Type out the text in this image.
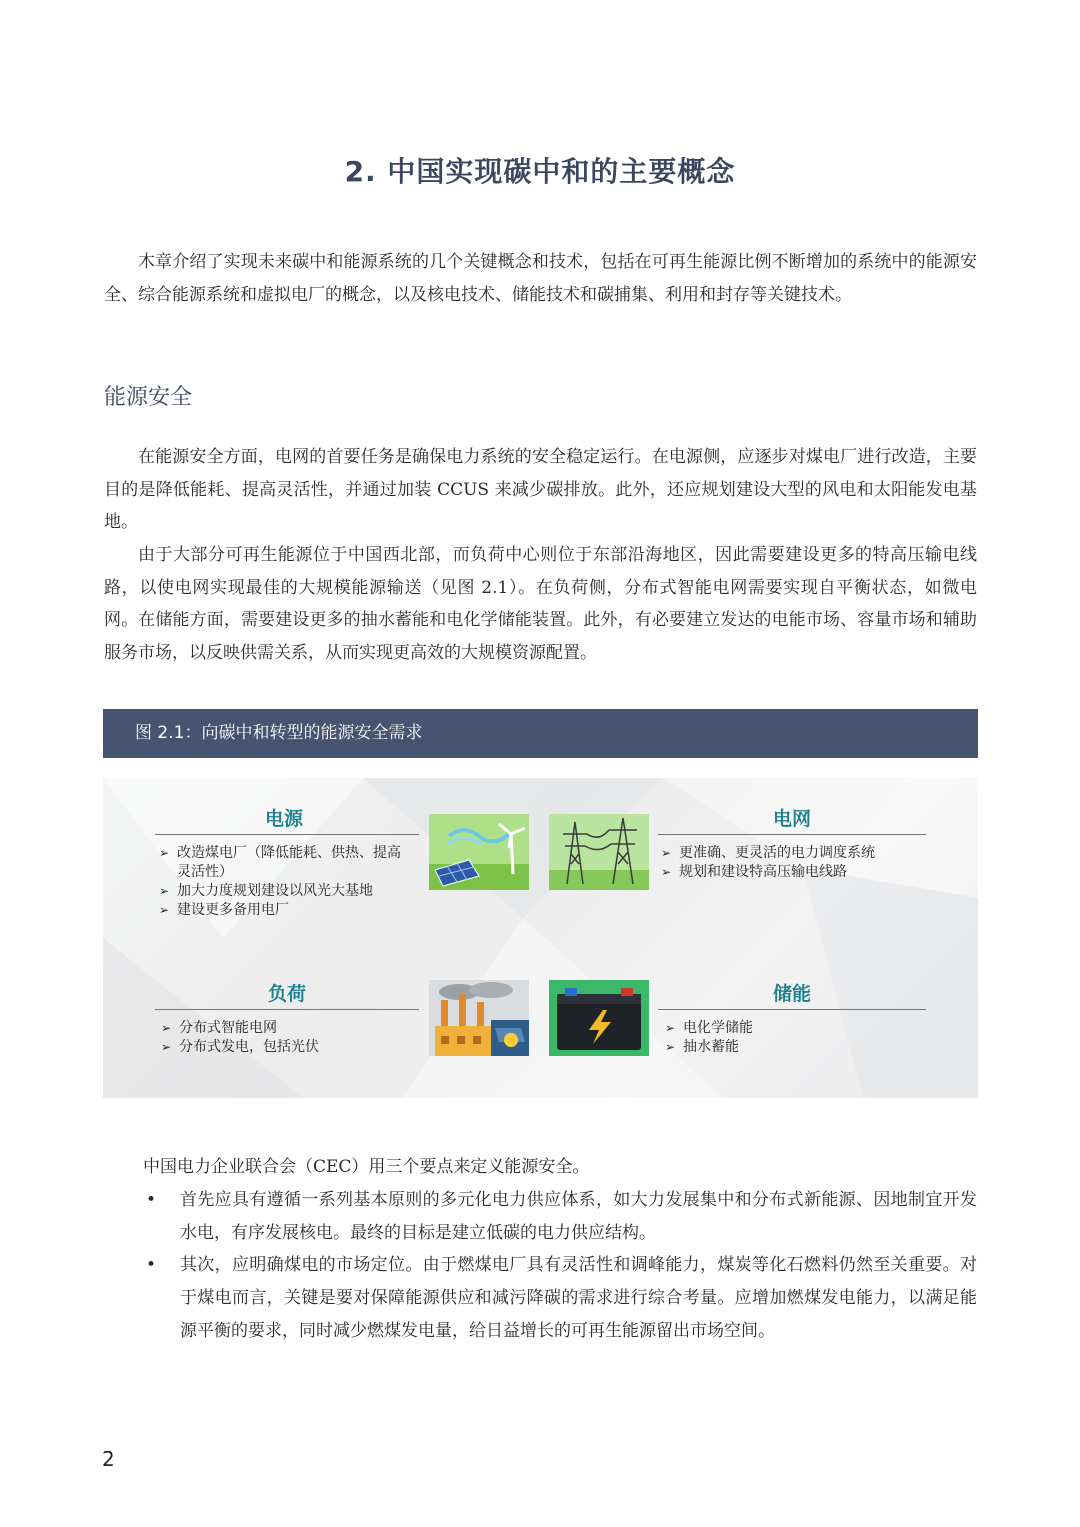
2. 中国实现碳中和的主要概念

木章介绍了实现未来碳中和能源系统的几个关键概念和技术，包括在可再生能源比例不断增加的系统中的能源安全、综合能源系统和虚拟电厂的概念，以及核电技术、储能技术和碳捕集、利用和封存等关键技术。

能源安全

在能源安全方面，电网的首要任务是确保电力系统的安全稳定运行。在电源侧，应逐步对煤电厂进行改造，主要目的是降低能耗、提高灵活性，并通过加装 CCUS 来减少碳排放。此外，还应规划建设大型的风电和太阳能发电基地。

由于大部分可再生能源位于中国西北部，而负荷中心则位于东部沿海地区，因此需要建设更多的特高压输电线路，以使电网实现最佳的大规模能源输送（见图 2.1）。在负荷侧，分布式智能电网需要实现自平衡状态，如微电网。在储能方面，需要建设更多的抽水蓄能和电化学储能装置。此外，有必要建立发达的电能市场、容量市场和辅助服务市场，以反映供需关系，从而实现更高效的大规模资源配置。

图 2.1：向碳中和转型的能源安全需求
电源
➢ 改造煤电厂（降低能耗、供热、提高灵活性）
➢ 加大力度规划建设以风光大基地
➢ 建设更多备用电厂
电网
➢ 更准确、更灵活的电力调度系统
➢ 规划和建设特高压输电线路
负荷
➢ 分布式智能电网
➢ 分布式发电，包括光伏
储能
➢ 电化学储能
➢ 抽水蓄能
中国电力企业联合会（CEC）用三个要点来定义能源安全。
• 首先应具有遵循一系列基本原则的多元化电力供应体系，如大力发展集中和分布式新能源、因地制宜开发水电，有序发展核电。最终的目标是建立低碳的电力供应结构。

• 其次，应明确煤电的市场定位。由于燃煤电厂具有灵活性和调峰能力，煤炭等化石燃料仍然至关重要。对于煤电而言，关键是要对保障能源供应和减污降碳的需求进行综合考量。应增加燃煤发电能力，以满足能源平衡的要求，同时减少燃煤发电量，给日益增长的可再生能源留出市场空间。

2
